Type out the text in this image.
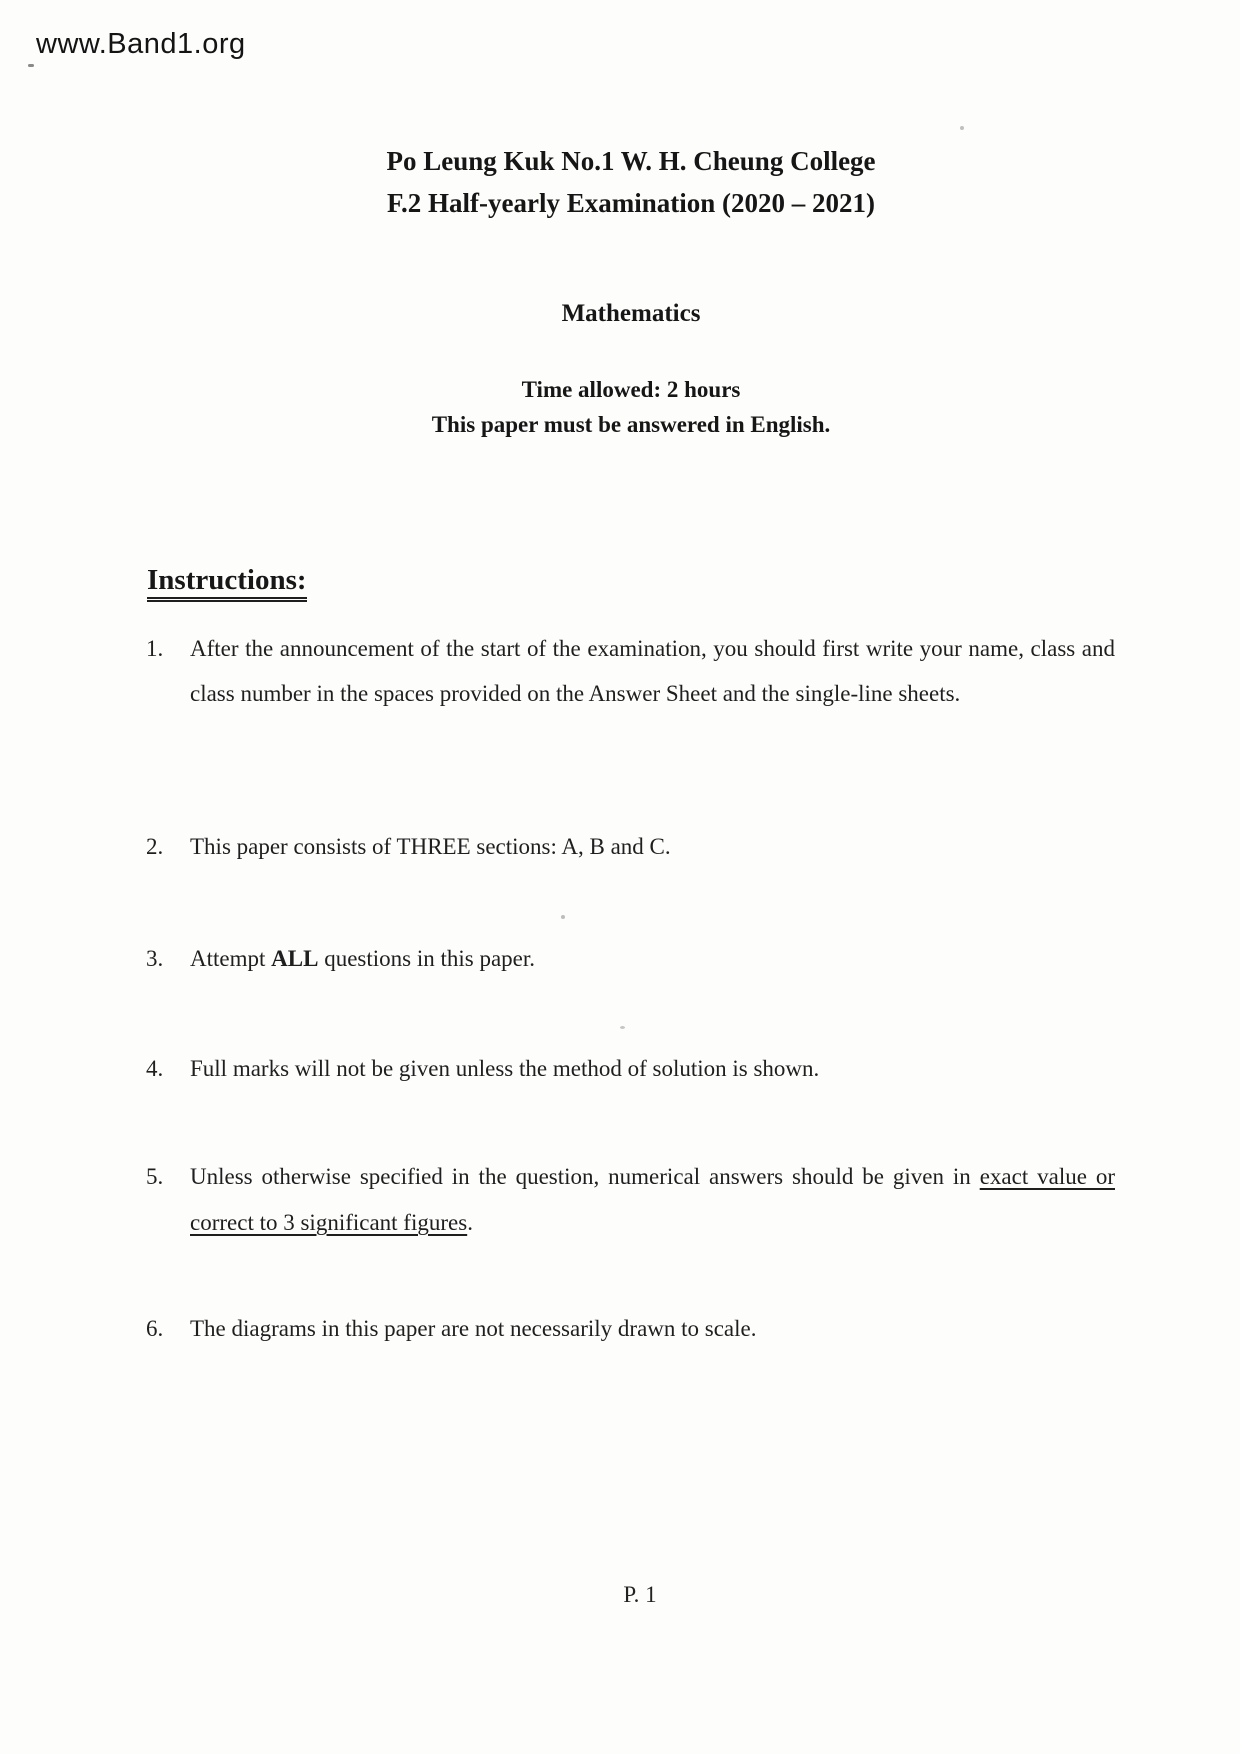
www.Band1.org
Po Leung Kuk No.1 W. H. Cheung College
F.2 Half-yearly Examination (2020 – 2021)
Mathematics
Time allowed: 2 hours
This paper must be answered in English.
Instructions:
1. After the announcement of the start of the examination, you should first write your name, class and class number in the spaces provided on the Answer Sheet and the single-line sheets.
2. This paper consists of THREE sections: A, B and C.
3. Attempt ALL questions in this paper.
4. Full marks will not be given unless the method of solution is shown.
5. Unless otherwise specified in the question, numerical answers should be given in exact value or correct to 3 significant figures.
6. The diagrams in this paper are not necessarily drawn to scale.
P. 1
